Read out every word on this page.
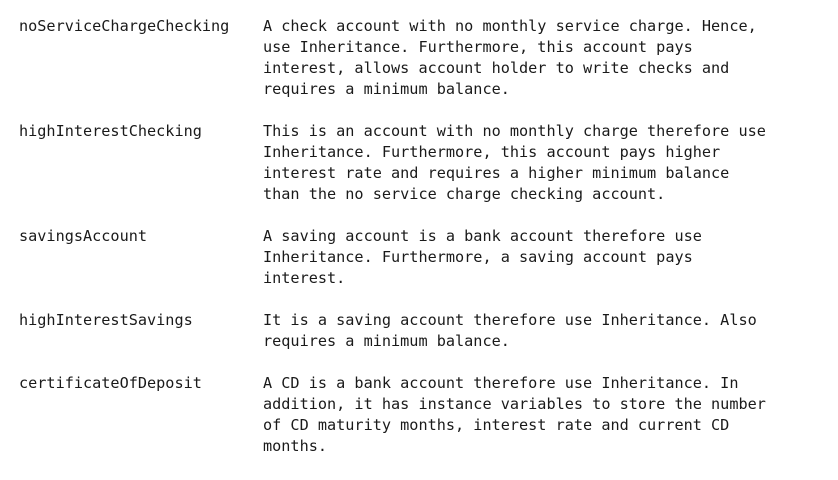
noServiceChargeChecking	A check account with no monthly service charge. Hence,
use Inheritance. Furthermore, this account pays
interest, allows account holder to write checks and
requires a minimum balance.
highInterestChecking	This is an account with no monthly charge therefore use
Inheritance. Furthermore, this account pays higher
interest rate and requires a higher minimum balance
than the no service charge checking account.
savingsAccount	A saving account is a bank account therefore use
Inheritance. Furthermore, a saving account pays
interest.
highInterestSavings	It is a saving account therefore use Inheritance. Also
requires a minimum balance.
certificateOfDeposit	A CD is a bank account therefore use Inheritance. In
addition, it has instance variables to store the number
of CD maturity months, interest rate and current CD
months.
